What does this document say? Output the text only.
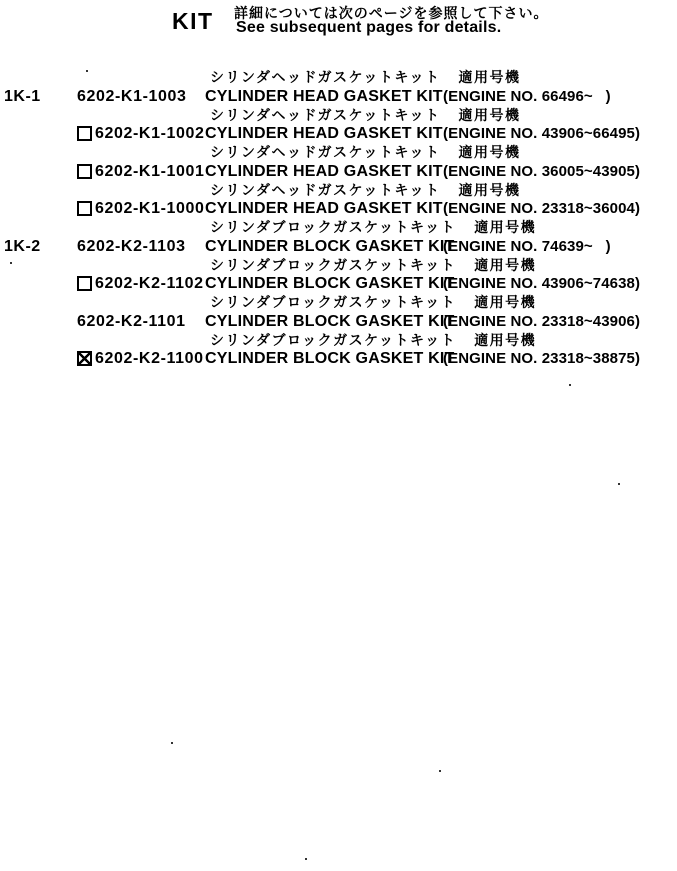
KIT 詳細については次のページを参照して下さい。
See subsequent pages for details.
シリンダヘッドガスケットキット 適用号機
1K-1 6202-K1-1003 CYLINDER HEAD GASKET KIT (ENGINE NO. 66496~   )
シリンダヘッドガスケットキット 適用号機
6202-K1-1002 CYLINDER HEAD GASKET KIT (ENGINE NO. 43906~66495)
シリンダヘッドガスケットキット 適用号機
6202-K1-1001 CYLINDER HEAD GASKET KIT (ENGINE NO. 36005~43905)
シリンダヘッドガスケットキット 適用号機
6202-K1-1000 CYLINDER HEAD GASKET KIT (ENGINE NO. 23318~36004)
シリンダブロックガスケットキット 適用号機
1K-2 6202-K2-1103 CYLINDER BLOCK GASKET KIT
(ENGINE NO. 74639~   )
シリンダブロックガスケットキット 適用号機
6202-K2-1102 CYLINDER BLOCK GASKET KIT
(ENGINE NO. 43906~74638)
シリンダブロックガスケットキット 適用号機
6202-K2-1101 CYLINDER BLOCK GASKET KIT
(ENGINE NO. 23318~43906)
シリンダブロックガスケットキット 適用号機
6202-K2-1100 CYLINDER BLOCK GASKET KIT
(ENGINE NO. 23318~38875)
